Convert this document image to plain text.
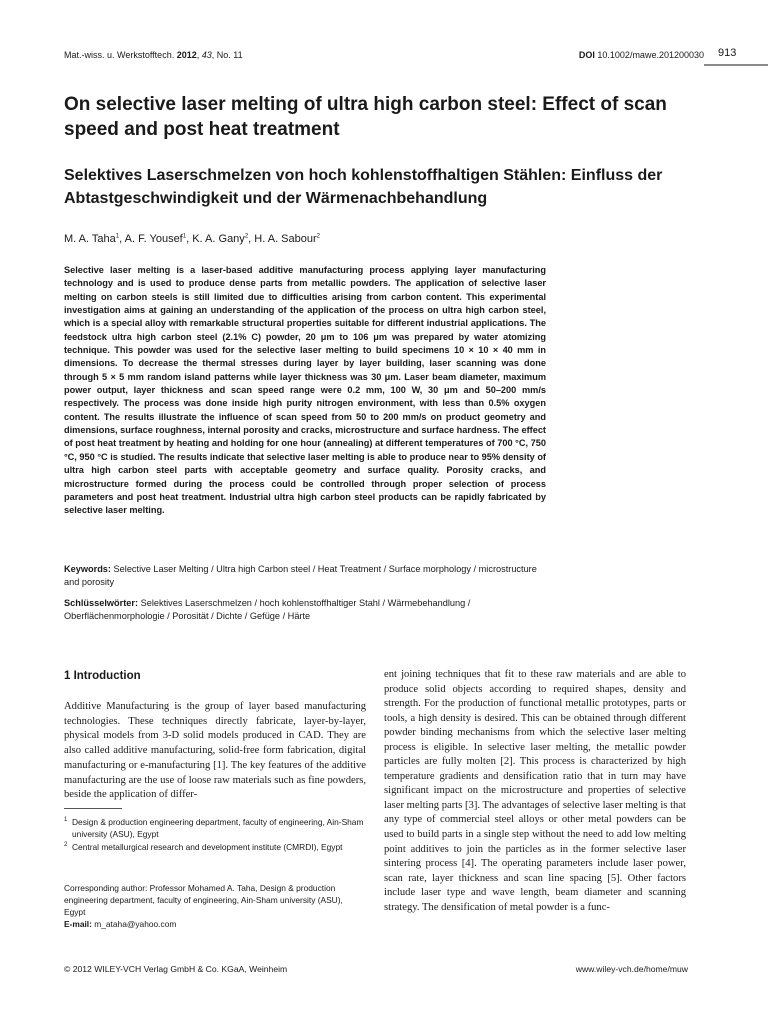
Mat.-wiss. u. Werkstofftech. 2012, 43, No. 11	DOI 10.1002/mawe.201200030 913
On selective laser melting of ultra high carbon steel: Effect of scan speed and post heat treatment
Selektives Laserschmelzen von hoch kohlenstoffhaltigen Stählen: Einfluss der Abtastgeschwindigkeit und der Wärmenachbehandlung
M. A. Taha$^1$, A. F. Yousef$^1$, K. A. Gany$^2$, H. A. Sabour$^2$

Selective laser melting is a laser-based additive manufacturing process applying layer manufacturing technology and is used to produce dense parts from metallic powders. The application of selective laser melting on carbon steels is still limited due to difficulties arising from carbon content. This experimental investigation aims at gaining an understanding of the application of the process on ultra high carbon steel, which is a special alloy with remarkable structural properties suitable for different industrial applications. The feedstock ultra high carbon steel (2.1% C) powder, 20 μm to 106 μm was prepared by water atomizing technique. This powder was used for the selective laser melting to build specimens 10 × 10 × 40 mm in dimensions. To decrease the thermal stresses during layer by layer building, laser scanning was done through 5 × 5 mm random island patterns while layer thickness was 30 μm. Laser beam diameter, maximum power output, layer thickness and scan speed range were 0.2 mm, 100 W, 30 μm and 50–200 mm/s respectively. The process was done inside high purity nitrogen environment, with less than 0.5% oxygen content. The results illustrate the influence of scan speed from 50 to 200 mm/s on product geometry and dimensions, surface roughness, internal porosity and cracks, microstructure and surface hardness. The effect of post heat treatment by heating and holding for one hour (annealing) at different temperatures of 700 °C, 750 °C, 950 °C is studied. The results indicate that selective laser melting is able to produce near to 95% density of ultra high carbon steel parts with acceptable geometry and surface quality. Porosity cracks, and microstructure formed during the process could be controlled through proper selection of process parameters and post heat treatment. Industrial ultra high carbon steel products can be rapidly fabricated by selective laser melting.

Keywords: Selective Laser Melting / Ultra high Carbon steel / Heat Treatment / Surface morphology / microstructure and porosity

Schlüsselwörter: Selektives Laserschmelzen / hoch kohlenstoffhaltiger Stahl / Wärmebehandlung / Oberflächenmorphologie / Porosität / Dichte / Gefüge / Härte

1 Introduction

Additive Manufacturing is the group of layer based manufacturing technologies. These techniques directly fabricate, layer-by-layer, physical models from 3-D solid models produced in CAD. They are also called additive manufacturing, solid-free form fabrication, digital manufacturing or e-manufacturing [1]. The key features of the additive manufacturing are the use of loose raw materials such as fine powders, beside the application of differ-

1 Design & production engineering department, faculty of engineering, Ain-Sham university (ASU), Egypt

2 Central metallurgical research and development institute (CMRDI), Egypt

Corresponding author: Professor Mohamed A. Taha, Design & production engineering department, faculty of engineering, Ain-Sham university (ASU), Egypt
E-mail: m_ataha@yahoo.com

ent joining techniques that fit to these raw materials and are able to produce solid objects according to required shapes, density and strength. For the production of functional metallic prototypes, parts or tools, a high density is desired. This can be obtained through different powder binding mechanisms from which the selective laser melting process is eligible. In selective laser melting, the metallic powder particles are fully molten [2]. This process is characterized by high temperature gradients and densification ratio that in turn may have significant impact on the microstructure and properties of selective laser melting parts [3]. The advantages of selective laser melting is that any type of commercial steel alloys or other metal powders can be used to build parts in a single step without the need to add low melting point additives to join the particles as in the former selective laser sintering process [4]. The operating parameters include laser power, scan rate, layer thickness and scan line spacing [5]. Other factors include laser type and wave length, beam diameter and scanning strategy. The densification of metal powder is a func-

© 2012 WILEY-VCH Verlag GmbH & Co. KGaA, Weinheim	www.wiley-vch.de/home/muw
